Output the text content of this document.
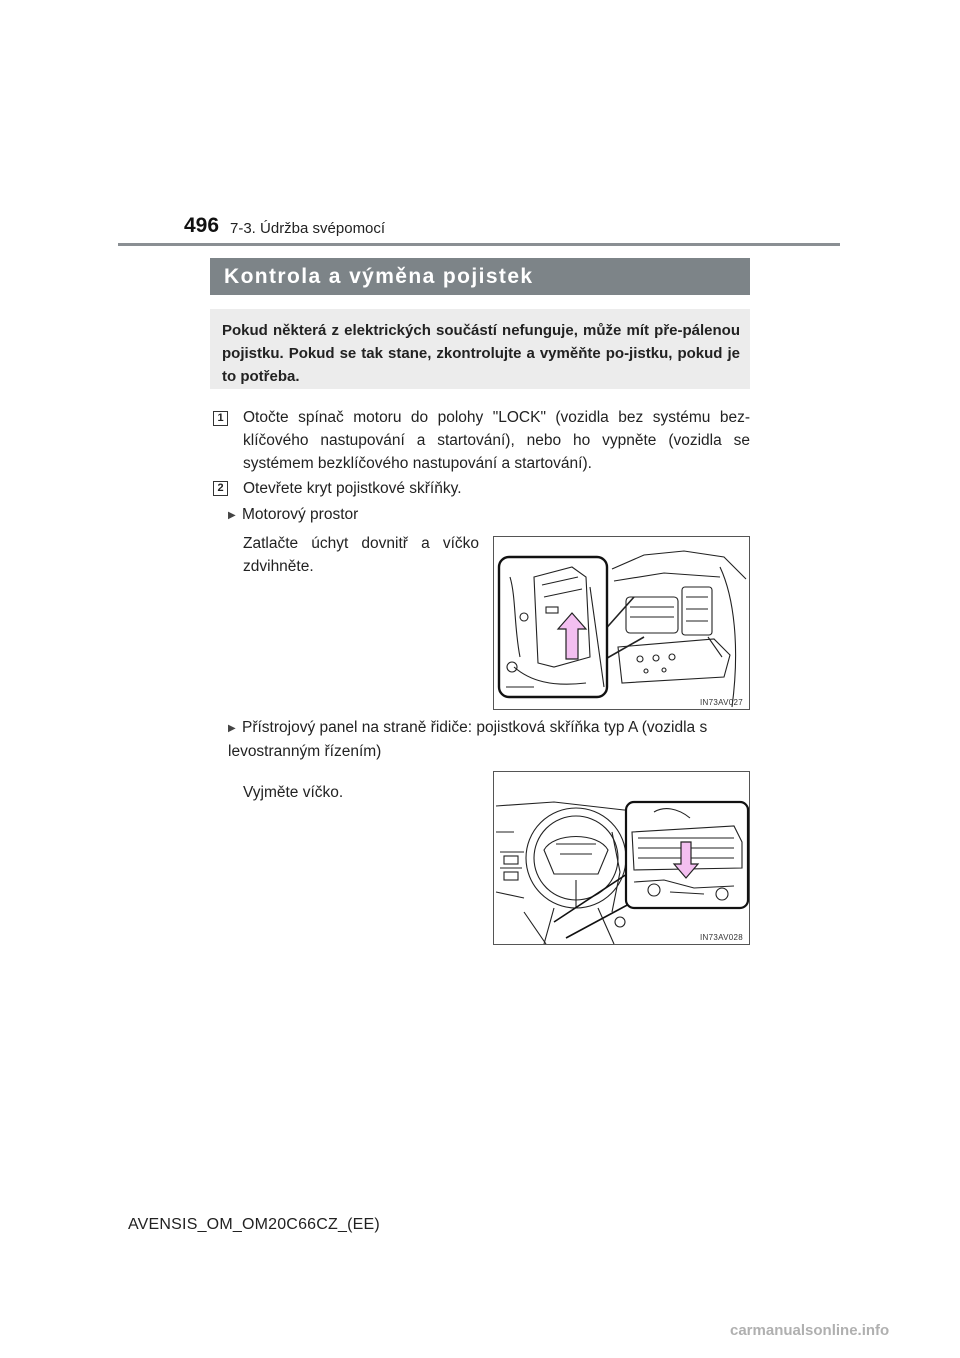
496 7-3. Údržba svépomocí
Kontrola a výměna pojistek
Pokud některá z elektrických součástí nefunguje, může mít pře-pálenou pojistku. Pokud se tak stane, zkontrolujte a vyměňte po-jistku, pokud je to potřeba.
1 Otočte spínač motoru do polohy "LOCK" (vozidla bez systému bez-klíčového nastupování a startování), nebo ho vypněte (vozidla se systémem bezklíčového nastupování a startování).
2 Otevřete kryt pojistkové skříňky.
▶ Motorový prostor
Zatlačte úchyt dovnitř a víčko zdvihněte.
IN73AV027
▶ Přístrojový panel na straně řidiče: pojistková skříňka typ A (vozidla s levostranným řízením)
Vyjměte víčko.
IN73AV028
AVENSIS_OM_OM20C66CZ_(EE)
carmanualsonline.info
